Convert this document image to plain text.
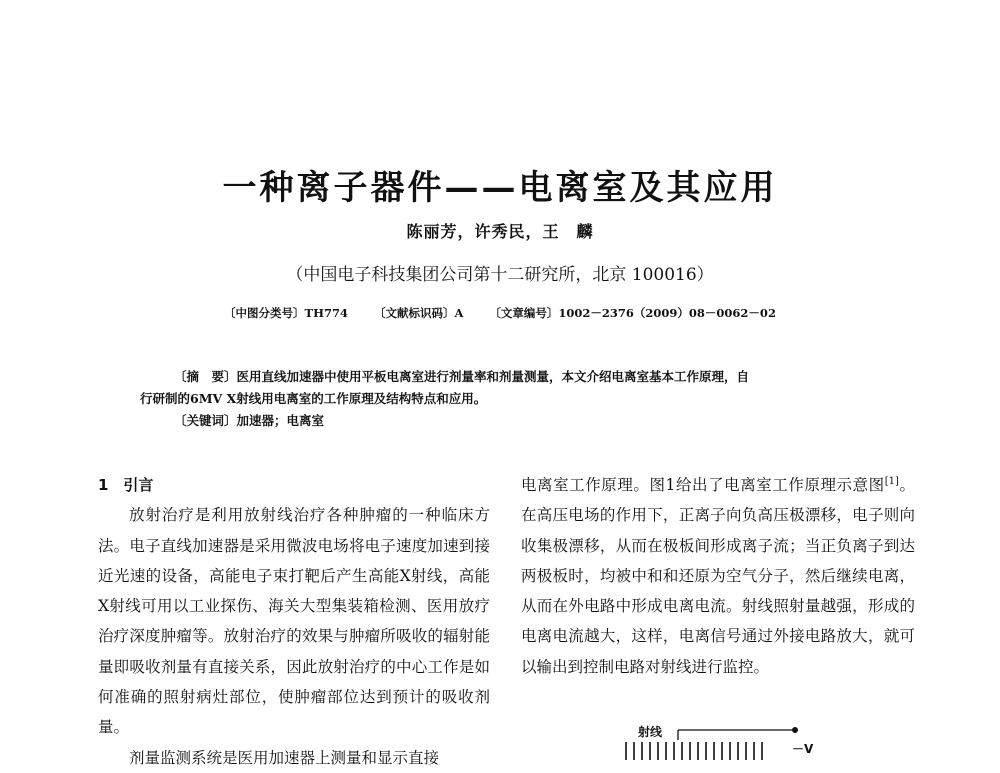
一种离子器件——电离室及其应用
陈丽芳，许秀民，王　麟
（中国电子科技集团公司第十二研究所，北京 100016）
〔中图分类号〕TH774 〔文献标识码〕A 〔文章编号〕1002－2376（2009）08－0062－02

〔摘　要〕医用直线加速器中使用平板电离室进行剂量率和剂量测量，本文介绍电离室基本工作原理，自

行研制的6MV X射线用电离室的工作原理及结构特点和应用。

〔关键词〕加速器；电离室

1　引言

放射治疗是利用放射线治疗各种肿瘤的一种临床方法。电子直线加速器是采用微波电场将电子速度加速到接近光速的设备，高能电子束打靶后产生高能X射线，高能X射线可用以工业探伤、海关大型集装箱检测、医用放疗治疗深度肿瘤等。放射治疗的效果与肿瘤所吸收的辐射能量即吸收剂量有直接关系，因此放射治疗的中心工作是如何准确的照射病灶部位，使肿瘤部位达到预计的吸收剂量。

剂量监测系统是医用加速器上测量和显示直接

电离室工作原理。图1给出了电离室工作原理示意图[1]。在高压电场的作用下，正离子向负高压极漂移，电子则向收集极漂移，从而在极板间形成离子流；当正负离子到达两极板时，均被中和和还原为空气分子，然后继续电离，从而在外电路中形成电离电流。射线照射量越强，形成的电离电流越大，这样，电离信号通过外接电路放大，就可以输出到控制电路对射线进行监控。

射线
－V
